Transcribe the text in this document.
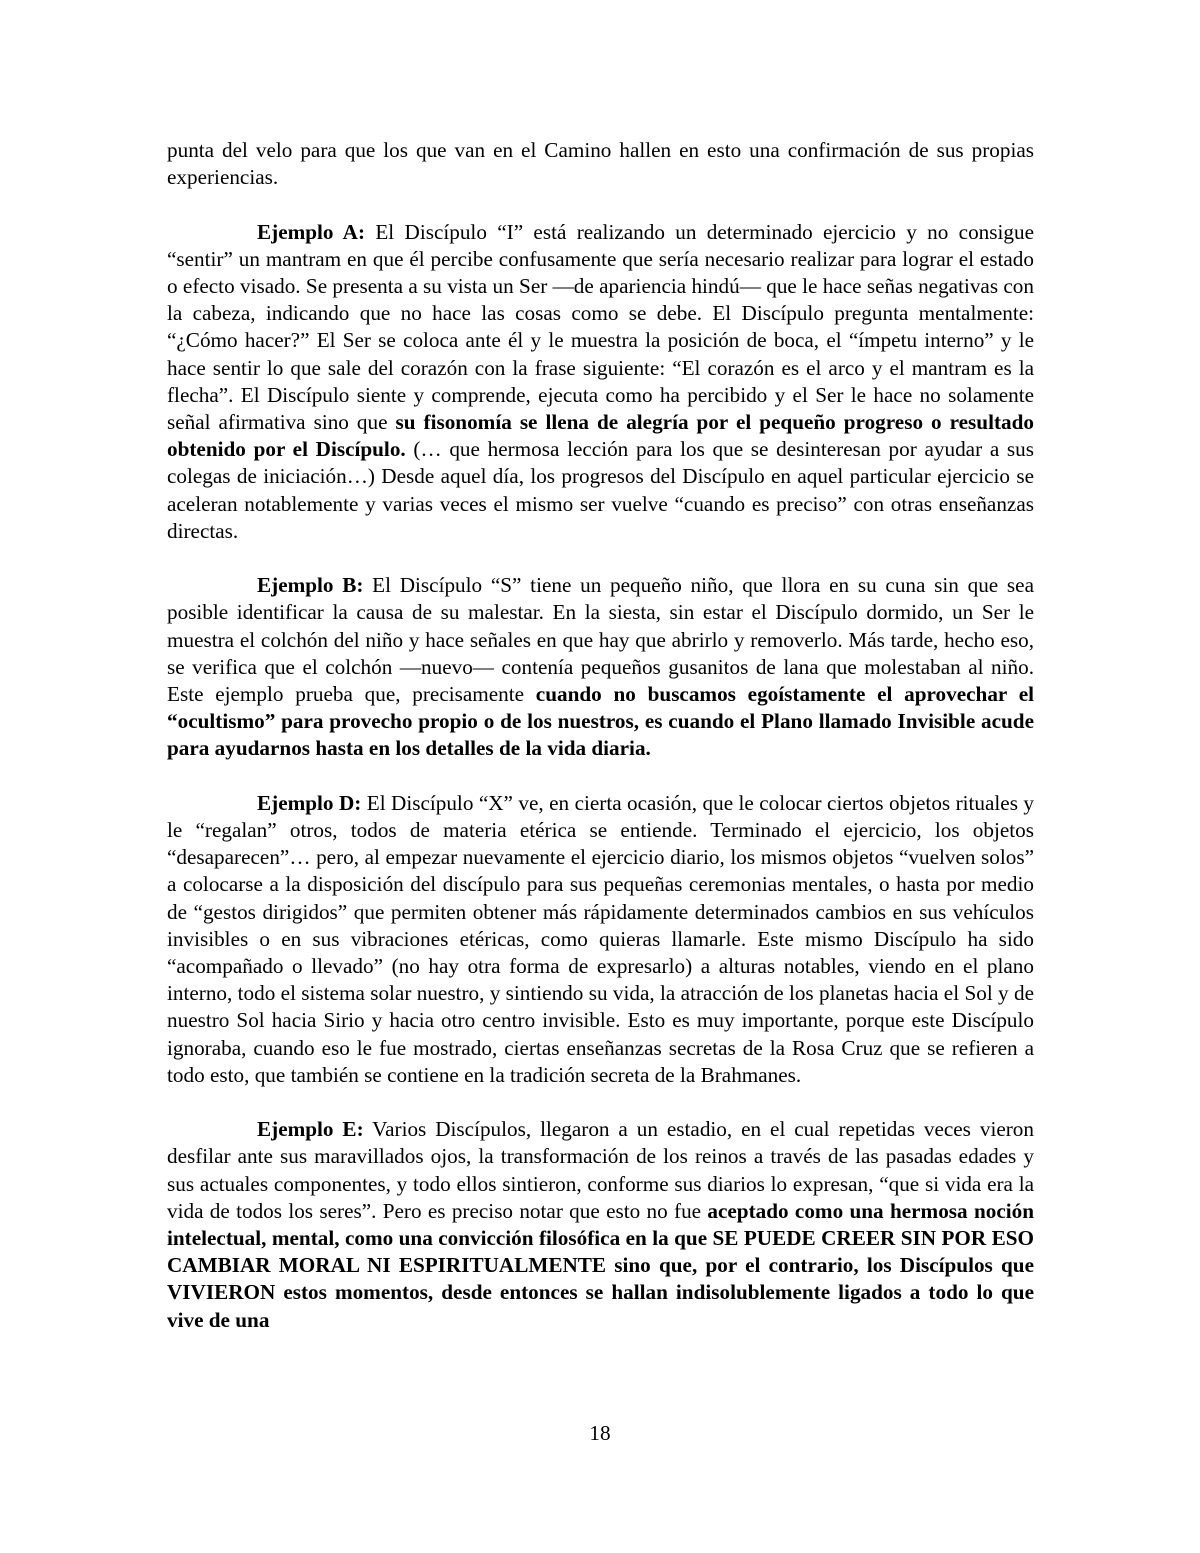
punta del velo para que los que van en el Camino hallen en esto una confirmación de sus propias experiencias.

Ejemplo A: El Discípulo “I” está realizando un determinado ejercicio y no consigue “sentir” un mantram en que él percibe confusamente que sería necesario realizar para lograr el estado o efecto visado. Se presenta a su vista un Ser —de apariencia hindú— que le hace señas negativas con la cabeza, indicando que no hace las cosas como se debe. El Discípulo pregunta mentalmente: “¿Cómo hacer?” El Ser se coloca ante él y le muestra la posición de boca, el “ímpetu interno” y le hace sentir lo que sale del corazón con la frase siguiente: “El corazón es el arco y el mantram es la flecha”. El Discípulo siente y comprende, ejecuta como ha percibido y el Ser le hace no solamente señal afirmativa sino que su fisonomía se llena de alegría por el pequeño progreso o resultado obtenido por el Discípulo. (… que hermosa lección para los que se desinteresan por ayudar a sus colegas de iniciación…) Desde aquel día, los progresos del Discípulo en aquel particular ejercicio se aceleran notablemente y varias veces el mismo ser vuelve “cuando es preciso” con otras enseñanzas directas.

Ejemplo B: El Discípulo “S” tiene un pequeño niño, que llora en su cuna sin que sea posible identificar la causa de su malestar. En la siesta, sin estar el Discípulo dormido, un Ser le muestra el colchón del niño y hace señales en que hay que abrirlo y removerlo. Más tarde, hecho eso, se verifica que el colchón —nuevo— contenía pequeños gusanitos de lana que molestaban al niño. Este ejemplo prueba que, precisamente cuando no buscamos egoístamente el aprovechar el “ocultismo” para provecho propio o de los nuestros, es cuando el Plano llamado Invisible acude para ayudarnos hasta en los detalles de la vida diaria.

Ejemplo D: El Discípulo “X” ve, en cierta ocasión, que le colocar ciertos objetos rituales y le “regalan” otros, todos de materia etérica se entiende. Terminado el ejercicio, los objetos “desaparecen”… pero, al empezar nuevamente el ejercicio diario, los mismos objetos “vuelven solos” a colocarse a la disposición del discípulo para sus pequeñas ceremonias mentales, o hasta por medio de “gestos dirigidos” que permiten obtener más rápidamente determinados cambios en sus vehículos invisibles o en sus vibraciones etéricas, como quieras llamarle. Este mismo Discípulo ha sido “acompañado o llevado” (no hay otra forma de expresarlo) a alturas notables, viendo en el plano interno, todo el sistema solar nuestro, y sintiendo su vida, la atracción de los planetas hacia el Sol y de nuestro Sol hacia Sirio y hacia otro centro invisible. Esto es muy importante, porque este Discípulo ignoraba, cuando eso le fue mostrado, ciertas enseñanzas secretas de la Rosa Cruz que se refieren a todo esto, que también se contiene en la tradición secreta de la Brahmanes.

Ejemplo E: Varios Discípulos, llegaron a un estadio, en el cual repetidas veces vieron desfilar ante sus maravillados ojos, la transformación de los reinos a través de las pasadas edades y sus actuales componentes, y todo ellos sintieron, conforme sus diarios lo expresan, “que si vida era la vida de todos los seres”. Pero es preciso notar que esto no fue aceptado como una hermosa noción intelectual, mental, como una convicción filosófica en la que SE PUEDE CREER SIN POR ESO CAMBIAR MORAL NI ESPIRITUALMENTE sino que, por el contrario, los Discípulos que VIVIERON estos momentos, desde entonces se hallan indisolublemente ligados a todo lo que vive de una

18
